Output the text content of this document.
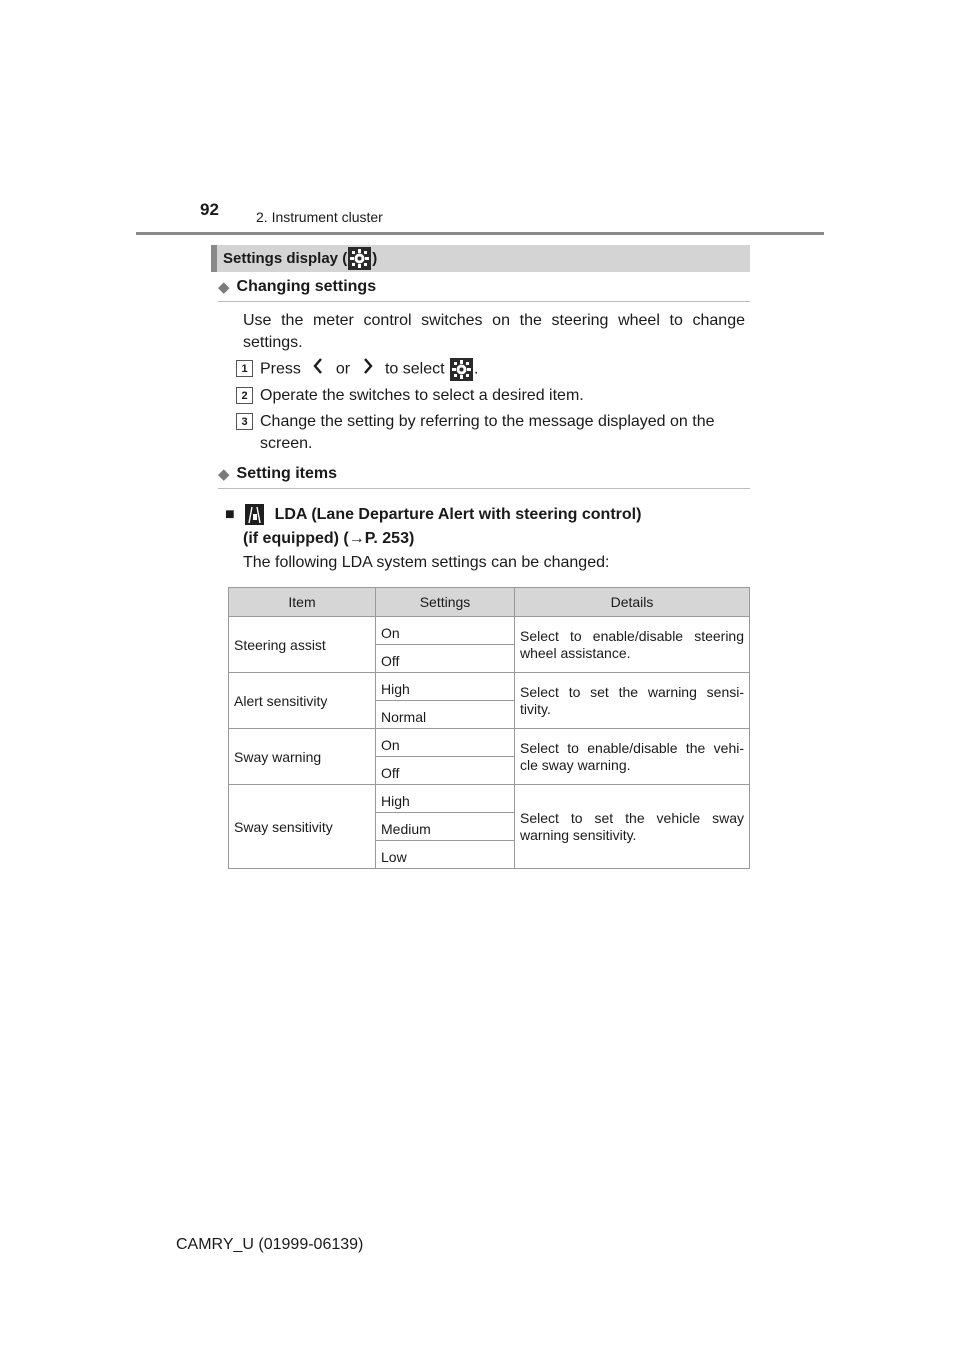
92	2. Instrument cluster
Settings display ( )
◆ Changing settings
Use the meter control switches on the steering wheel to change settings.
1 Press or to select .
2 Operate the switches to select a desired item.
3 Change the setting by referring to the message displayed on the screen.
◆ Setting items
■ LDA (Lane Departure Alert with steering control)
(if equipped) (→P. 253)
The following LDA system settings can be changed:
Item	Settings	Details
Steering assist	On	Select to enable/disable steering wheel assistance.

	Off	

Alert sensitivity	High	Select to set the warning sensi-tivity.

	Normal	

Sway warning	On	Select to enable/disable the vehi-cle sway warning.

	Off	

Sway sensitivity	High	Select to set the vehicle sway warning sensitivity.

	Medium	

	Low	
CAMRY_U (01999-06139)
